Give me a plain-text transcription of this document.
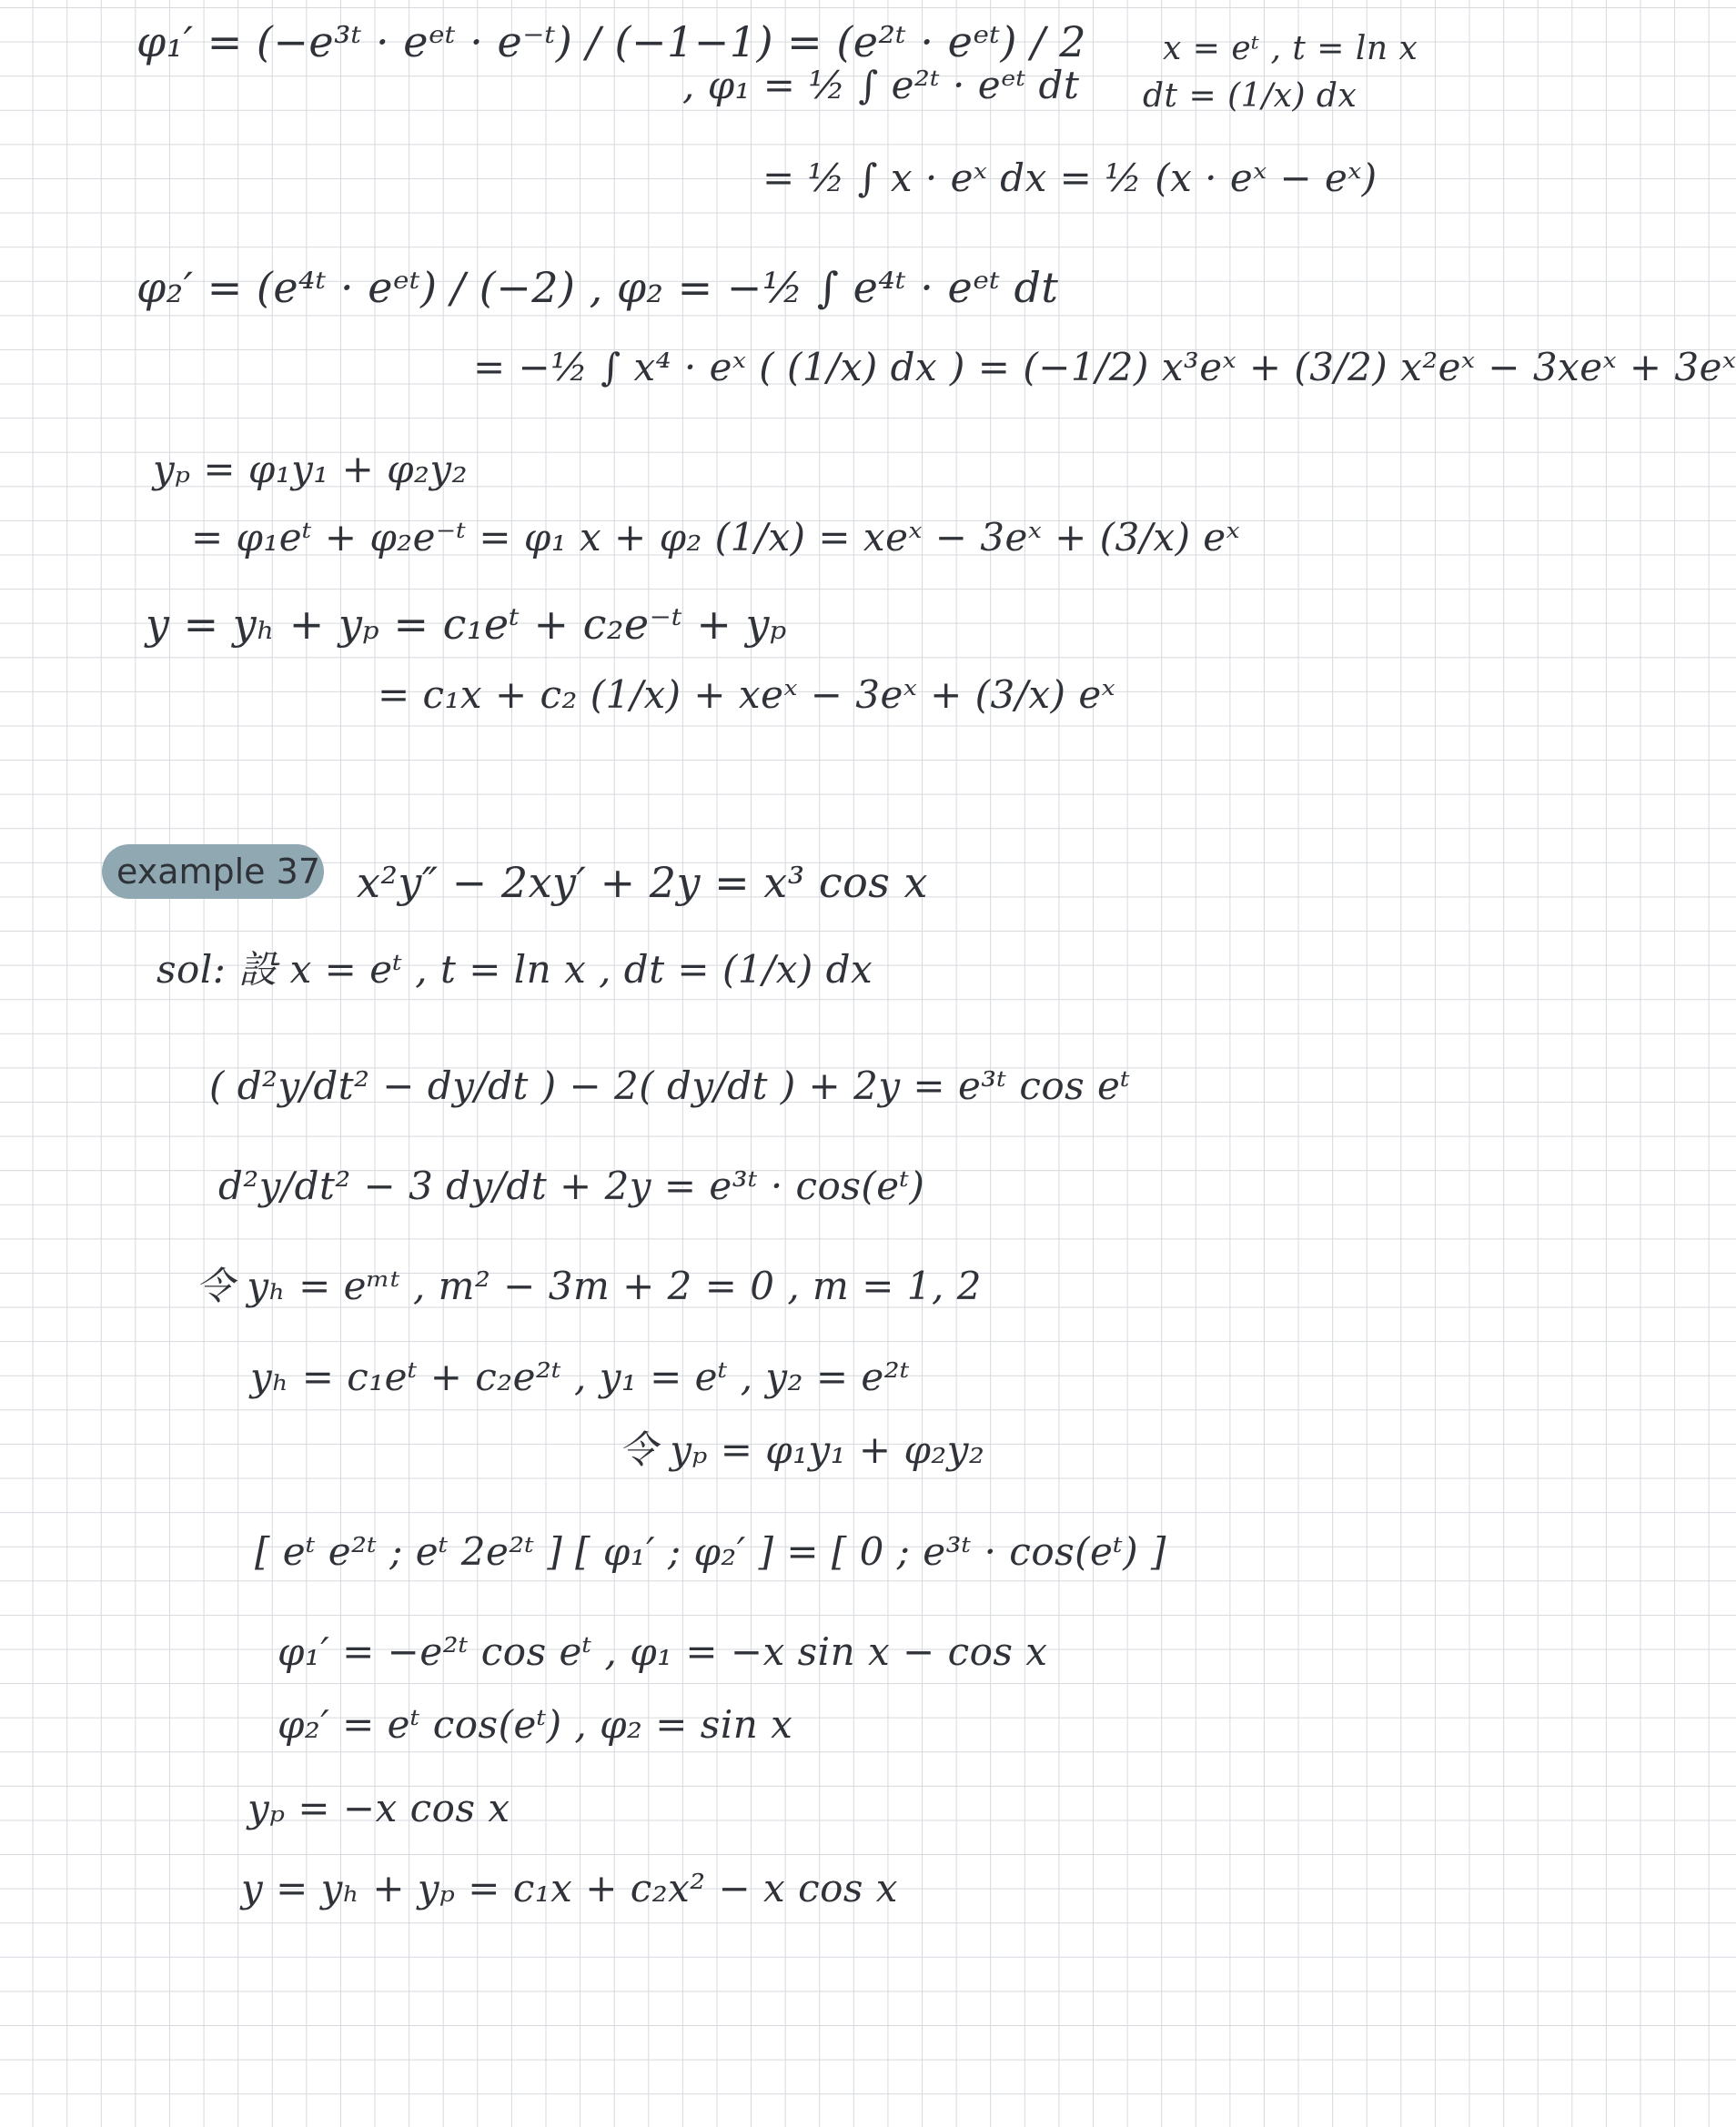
φ₁′ = (−e³ᵗ · eᵉᵗ · e⁻ᵗ) / (−1−1) = (e²ᵗ · eᵉᵗ) / 2
, φ₁ = ½ ∫ e²ᵗ · eᵉᵗ dt
x = eᵗ , t = ln x
dt = (1/x) dx
= ½ ∫ x · eˣ dx = ½ (x · eˣ − eˣ)
φ₂′ = (e⁴ᵗ · eᵉᵗ) / (−2) , φ₂ = −½ ∫ e⁴ᵗ · eᵉᵗ dt
= −½ ∫ x⁴ · eˣ ( (1/x) dx ) = (−1/2) x³eˣ + (3/2) x²eˣ − 3xeˣ + 3eˣ
yₚ = φ₁y₁ + φ₂y₂
= φ₁eᵗ + φ₂e⁻ᵗ = φ₁ x + φ₂ (1/x) = xeˣ − 3eˣ + (3/x) eˣ
y = yₕ + yₚ = c₁eᵗ + c₂e⁻ᵗ + yₚ
= c₁x + c₂ (1/x) + xeˣ − 3eˣ + (3/x) eˣ
example 37 x²y″ − 2xy′ + 2y = x³ cos x
sol: 設 x = eᵗ , t = ln x , dt = (1/x) dx
( d²y/dt² − dy/dt ) − 2( dy/dt ) + 2y = e³ᵗ cos eᵗ
d²y/dt² − 3 dy/dt + 2y = e³ᵗ · cos(eᵗ)
令 yₕ = eᵐᵗ , m² − 3m + 2 = 0 , m = 1, 2
yₕ = c₁eᵗ + c₂e²ᵗ , y₁ = eᵗ , y₂ = e²ᵗ
令 yₚ = φ₁y₁ + φ₂y₂
[ eᵗ e²ᵗ ; eᵗ 2e²ᵗ ] [ φ₁′ ; φ₂′ ] = [ 0 ; e³ᵗ · cos(eᵗ) ]
φ₁′ = −e²ᵗ cos eᵗ , φ₁ = −x sin x − cos x
φ₂′ = eᵗ cos(eᵗ) , φ₂ = sin x
yₚ = −x cos x
y = yₕ + yₚ = c₁x + c₂x² − x cos x
